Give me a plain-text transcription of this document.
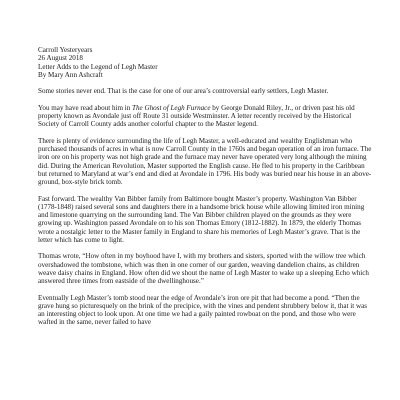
Carroll Yesteryears
26 August 2018
Letter Adds to the Legend of Legh Master
By Mary Ann Ashcraft

Some stories never end. That is the case for one of our area’s controversial early settlers, Legh Master.

You may have read about him in The Ghost of Legh Furnace by George Donald Riley, Jr., or driven past his old property known as Avondale just off Route 31 outside Westminster. A letter recently received by the Historical Society of Carroll County adds another colorful chapter to the Master legend.

There is plenty of evidence surrounding the life of Legh Master, a well-educated and wealthy Englishman who purchased thousands of acres in what is now Carroll County in the 1760s and began operation of an iron furnace. The iron ore on his property was not high grade and the furnace may never have operated very long although the mining did. During the American Revolution, Master supported the English cause. He fled to his property in the Caribbean but returned to Maryland at war’s end and died at Avondale in 1796. His body was buried near his house in an above-ground, box-style brick tomb.

Fast forward. The wealthy Van Bibber family from Baltimore bought Master’s property. Washington Van Bibber (1778-1848) raised several sons and daughters there in a handsome brick house while allowing limited iron mining and limestone quarrying on the surrounding land. The Van Bibber children played on the grounds as they were growing up. Washington passed Avondale on to his son Thomas Emory (1812-1882). In 1879, the elderly Thomas wrote a nostalgic letter to the Master family in England to share his memories of Legh Master’s grave. That is the letter which has come to light.

Thomas wrote, “How often in my boyhood have I, with my brothers and sisters, sported with the willow tree which overshadowed the tombstone, which was then in one corner of our garden, weaving dandelion chains, as children weave daisy chains in England. How often did we shout the name of Legh Master to wake up a sleeping Echo which answered three times from eastside of the dwellinghouse.”

Eventually Legh Master’s tomb stood near the edge of Avondale’s iron ore pit that had become a pond. “Then the grave hung so picturesquely on the brink of the precipice, with the vines and pendent shrubbery below it, that it was an interesting object to look upon. At one time we had a gaily painted rowboat on the pond, and those who were wafted in the same, never failed to have
